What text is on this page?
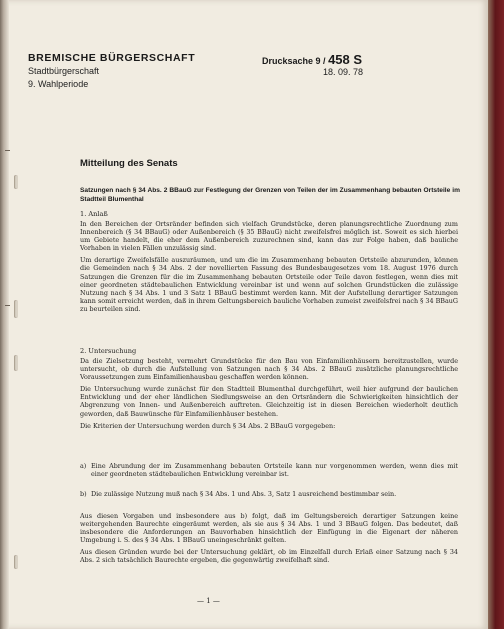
BREMISCHE BÜRGERSCHAFT
Stadtbürgerschaft
9. Wahlperiode
Drucksache 9 / 458 S
18. 09. 78
Mitteilung des Senats
Satzungen nach § 34 Abs. 2 BBauG zur Festlegung der Grenzen von Teilen der im Zusammenhang bebauten Ortsteile im Stadtteil Blumenthal
1. Anlaß

In den Bereichen der Ortsränder befinden sich vielfach Grundstücke, deren planungsrechtliche Zuordnung zum Innenbereich (§ 34 BBauG) oder Außenbereich (§ 35 BBauG) nicht zweifelsfrei möglich ist. Soweit es sich hierbei um Gebiete handelt, die eher dem Außenbereich zuzurechnen sind, kann das zur Folge haben, daß bauliche Vorhaben in vielen Fällen unzulässig sind.

Um derartige Zweifelsfälle auszuräumen, und um die im Zusammenhang bebauten Ortsteile abzurunden, können die Gemeinden nach § 34 Abs. 2 der novellierten Fassung des Bundesbaugesetzes vom 18. August 1976 durch Satzungen die Grenzen für die im Zusammenhang bebauten Ortsteile oder Teile davon festlegen, wenn dies mit einer geordneten städtebaulichen Entwicklung vereinbar ist und wenn auf solchen Grundstücken die zulässige Nutzung nach § 34 Abs. 1 und 3 Satz 1 BBauG bestimmt werden kann. Mit der Aufstellung derartiger Satzungen kann somit erreicht werden, daß in ihrem Geltungsbereich bauliche Vorhaben zumeist zweifelsfrei nach § 34 BBauG zu beurteilen sind.

2. Untersuchung

Da die Zielsetzung besteht, vermehrt Grundstücke für den Bau von Einfamilienhäusern bereitzustellen, wurde untersucht, ob durch die Aufstellung von Satzungen nach § 34 Abs. 2 BBauG zusätzliche planungsrechtliche Voraussetzungen zum Einfamilienhausbau geschaffen werden können.

Die Untersuchung wurde zunächst für den Stadtteil Blumenthal durchgeführt, weil hier aufgrund der baulichen Entwicklung und der eher ländlichen Siedlungsweise an den Ortsrändern die Schwierigkeiten hinsichtlich der Abgrenzung von Innen- und Außenbereich auftreten. Gleichzeitig ist in diesen Bereichen wiederholt deutlich geworden, daß Bauwünsche für Einfamilienhäuser bestehen.

Die Kriterien der Untersuchung werden durch § 34 Abs. 2 BBauG vorgegeben:

a) Eine Abrundung der im Zusammenhang bebauten Ortsteile kann nur vorgenommen werden, wenn dies mit einer geordneten städtebaulichen Entwicklung vereinbar ist.
b) Die zulässige Nutzung muß nach § 34 Abs. 1 und Abs. 3, Satz 1 ausreichend bestimmbar sein.

Aus diesen Vorgaben und insbesondere aus b) folgt, daß im Geltungsbereich derartiger Satzungen keine weitergehenden Baurechte eingeräumt werden, als sie aus § 34 Abs. 1 und 3 BBauG folgen. Das bedeutet, daß insbesondere die Anforderungen an Bauvorhaben hinsichtlich der Einfügung in die Eigenart der näheren Umgebung i. S. des § 34 Abs. 1 BBauG uneingeschränkt gelten.

Aus diesen Gründen wurde bei der Untersuchung geklärt, ob im Einzelfall durch Erlaß einer Satzung nach § 34 Abs. 2 sich tatsächlich Baurechte ergeben, die gegenwärtig zweifelhaft sind.

— 1 —
